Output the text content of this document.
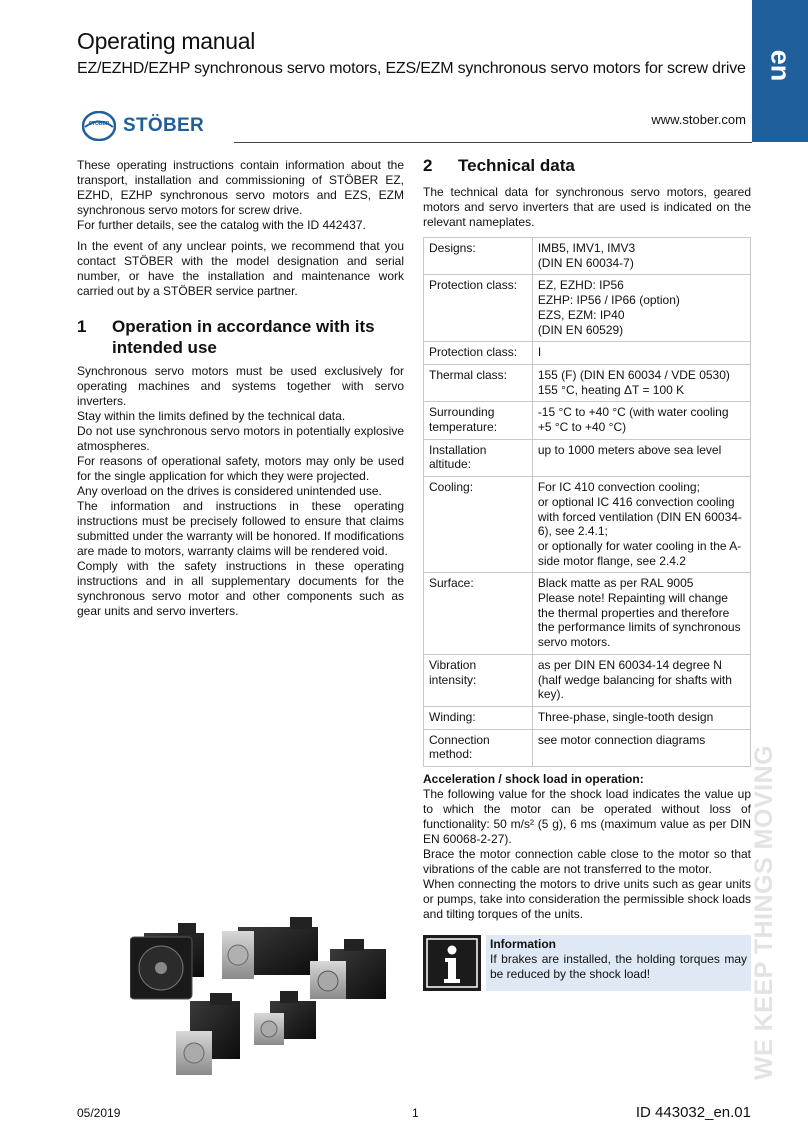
en
Operating manual
EZ/EZHD/EZHP synchronous servo motors, EZS/EZM synchronous servo motors for screw drive
STÖBER STÖBER	www.stober.com

These operating instructions contain information about the transport, installation and commissioning of STÖBER EZ, EZHD, EZHP synchronous servo motors and EZS, EZM synchronous servo motors for screw drive.

For further details, see the catalog with the ID 442437.

In the event of any unclear points, we recommend that you contact STÖBER with the model designation and serial number, or have the installation and maintenance work carried out by a STÖBER service partner.

1	Operation in accordance with its intended use

Synchronous servo motors must be used exclusively for operating machines and systems together with servo inverters.

Stay within the limits defined by the technical data.

Do not use synchronous servo motors in potentially explosive atmospheres.

For reasons of operational safety, motors may only be used for the single application for which they were projected.

Any overload on the drives is considered unintended use.

The information and instructions in these operating instructions must be precisely followed to ensure that claims submitted under the warranty will be honored. If modifications are made to motors, warranty claims will be rendered void.

Comply with the safety instructions in these operating instructions and in all supplementary documents for the synchronous servo motor and other components such as gear units and servo inverters.

2	Technical data

The technical data for synchronous servo motors, geared motors and servo inverters that are used is indicated on the relevant nameplates.

Designs:	IMB5, IMV1, IMV3
(DIN EN 60034-7)
Protection class:	EZ, EZHD: IP56
EZHP: IP56 / IP66 (option)
EZS, EZM: IP40
(DIN EN 60529)
Protection class:	I
Thermal class:	155 (F) (DIN EN 60034 / VDE 0530)
155 °C, heating ΔT = 100 K
Surrounding temperature:	-15 °C to +40 °C (with water cooling +5 °C to +40 °C)
Installation altitude:	up to 1000 meters above sea level
Cooling:	For IC 410 convection cooling;
or optional IC 416 convection cooling with forced ventilation (DIN EN 60034-6), see 2.4.1;
or optionally for water cooling in the A-side motor flange, see 2.4.2
Surface:	Black matte as per RAL 9005
Please note! Repainting will change the thermal properties and therefore the performance limits of synchronous servo motors.
Vibration intensity:	as per DIN EN 60034-14 degree N (half wedge balancing for shafts with key).
Winding:	Three-phase, single-tooth design
Connection method:	see motor connection diagrams
Acceleration / shock load in operation:

The following value for the shock load indicates the value up to which the motor can be operated without loss of functionality: 50 m/s² (5 g), 6 ms (maximum value as per DIN EN 60068-2-27).

Brace the motor connection cable close to the motor so that vibrations of the cable are not transferred to the motor.

When connecting the motors to drive units such as gear units or pumps, take into consideration the permissible shock loads and tilting torques of the units.

Information

If brakes are installed, the holding torques may be reduced by the shock load!	WE KEEP THINGS MOVING
05/2019	1	ID 443032_en.01
